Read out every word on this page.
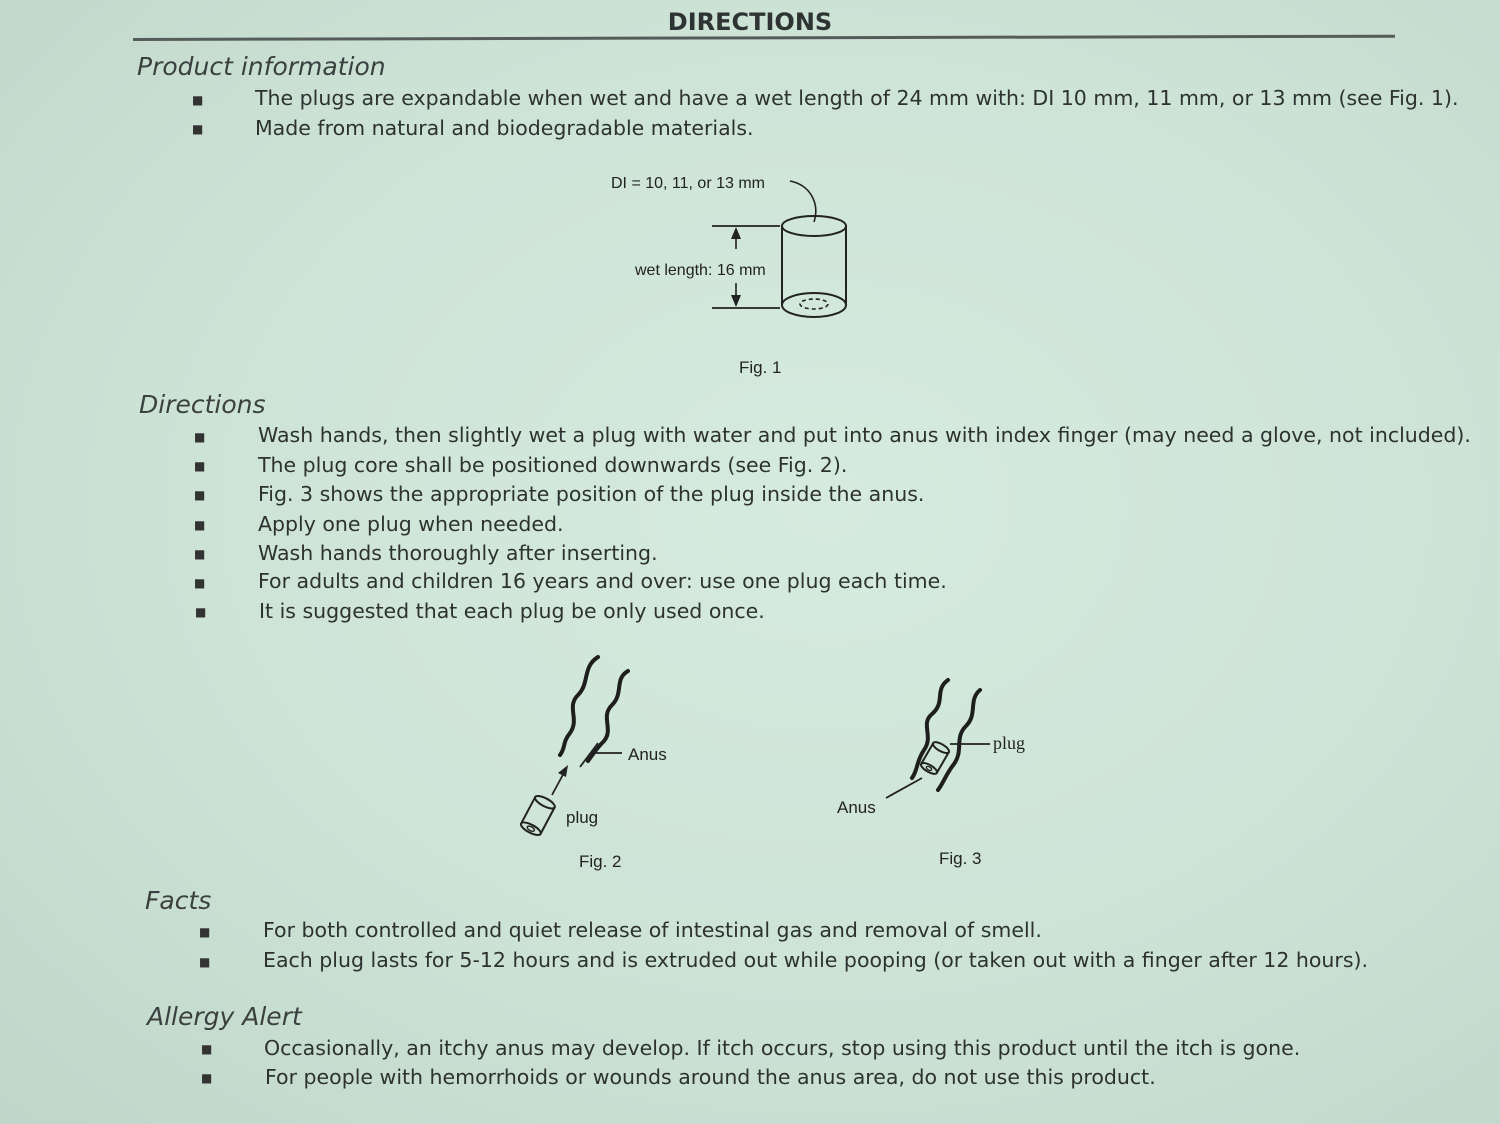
DIRECTIONS
Product information
■	The plugs are expandable when wet and have a wet length of 24 mm with: DI 10 mm, 11 mm, or 13 mm (see Fig. 1).
■	Made from natural and biodegradable materials.
DI = 10, 11, or 13 mm
wet length: 16 mm
Fig. 1
Directions
■	Wash hands, then slightly wet a plug with water and put into anus with index finger (may need a glove, not included).
■	The plug core shall be positioned downwards (see Fig. 2).
■	Fig. 3 shows the appropriate position of the plug inside the anus.
■	Apply one plug when needed.
■	Wash hands thoroughly after inserting.
■	For adults and children 16 years and over: use one plug each time.
■	It is suggested that each plug be only used once.
Anus
plug
Fig. 2
plug
Anus
Fig. 3
Facts
■	For both controlled and quiet release of intestinal gas and removal of smell.
■	Each plug lasts for 5-12 hours and is extruded out while pooping (or taken out with a finger after 12 hours).
Allergy Alert
■	Occasionally, an itchy anus may develop. If itch occurs, stop using this product until the itch is gone.
■	For people with hemorrhoids or wounds around the anus area, do not use this product.
